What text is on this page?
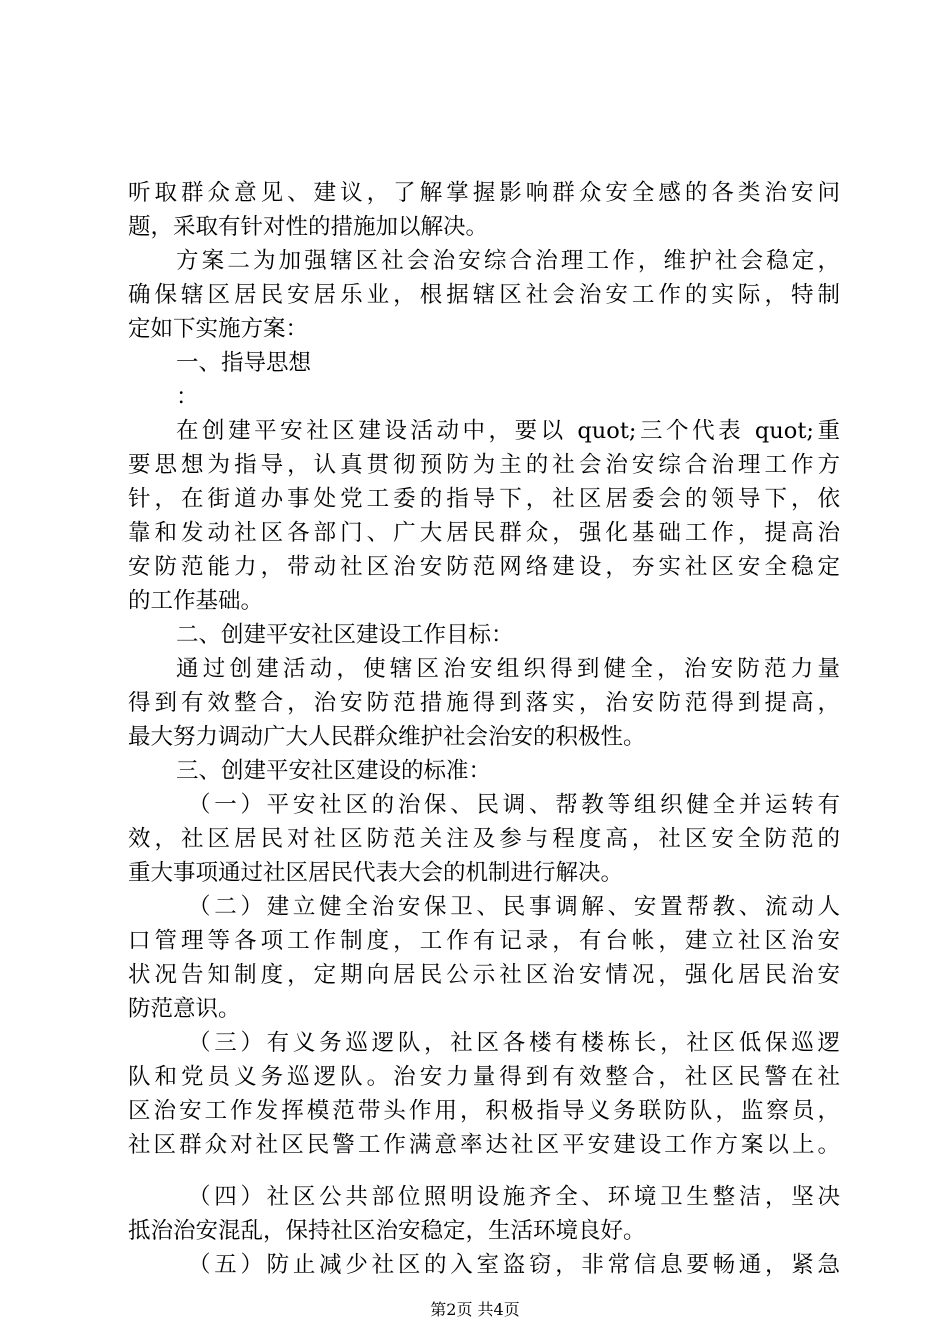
听取群众意见、建议，了解掌握影响群众安全感的各类治安问
题，采取有针对性的措施加以解决。
方案二为加强辖区社会治安综合治理工作，维护社会稳定，
确保辖区居民安居乐业，根据辖区社会治安工作的实际，特制
定如下实施方案：
一、指导思想
：
在创建平安社区建设活动中，要以 quot;三个代表 quot;重
要思想为指导，认真贯彻预防为主的社会治安综合治理工作方
针，在街道办事处党工委的指导下，社区居委会的领导下，依
靠和发动社区各部门、广大居民群众，强化基础工作，提高治
安防范能力，带动社区治安防范网络建设，夯实社区安全稳定
的工作基础。
二、创建平安社区建设工作目标：
通过创建活动，使辖区治安组织得到健全，治安防范力量
得到有效整合，治安防范措施得到落实，治安防范得到提高，
最大努力调动广大人民群众维护社会治安的积极性。
三、创建平安社区建设的标准：
（一）平安社区的治保、民调、帮教等组织健全并运转有
效，社区居民对社区防范关注及参与程度高，社区安全防范的
重大事项通过社区居民代表大会的机制进行解决。
（二）建立健全治安保卫、民事调解、安置帮教、流动人
口管理等各项工作制度，工作有记录，有台帐，建立社区治安
状况告知制度，定期向居民公示社区治安情况，强化居民治安
防范意识。
（三）有义务巡逻队，社区各楼有楼栋长，社区低保巡逻
队和党员义务巡逻队。治安力量得到有效整合，社区民警在社
区治安工作发挥模范带头作用，积极指导义务联防队，监察员，
社区群众对社区民警工作满意率达社区平安建设工作方案以上。
（四）社区公共部位照明设施齐全、环境卫生整洁，坚决
抵治治安混乱，保持社区治安稳定，生活环境良好。
（五）防止减少社区的入室盗窃，非常信息要畅通，紧急
第2页 共4页
